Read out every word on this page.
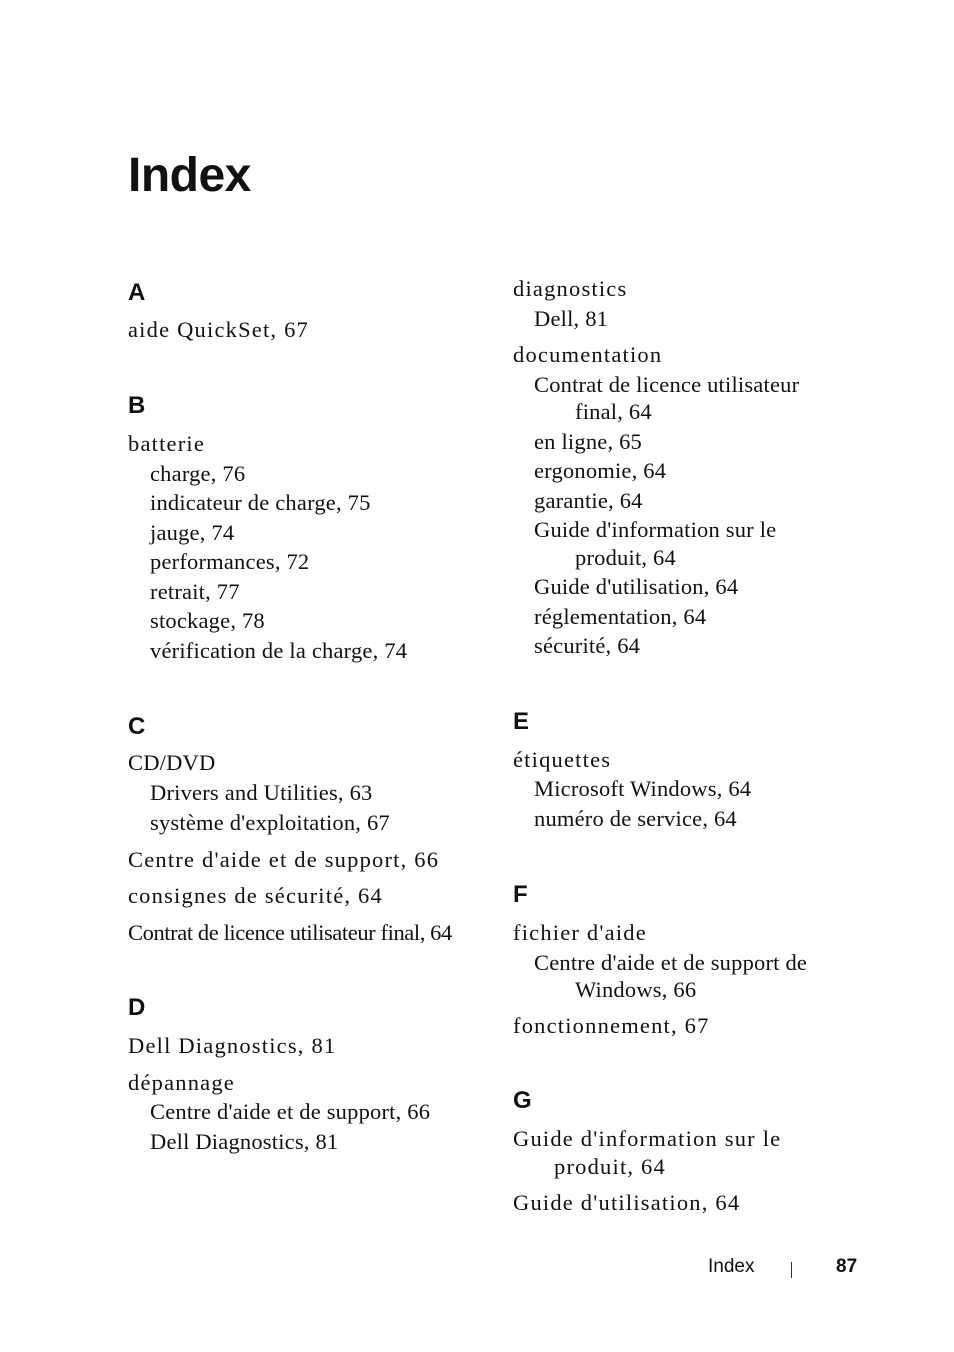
Index
A
aide QuickSet, 67
B
batterie
charge, 76
indicateur de charge, 75
jauge, 74
performances, 72
retrait, 77
stockage, 78
vérification de la charge, 74
C
CD/DVD
Drivers and Utilities, 63
système d'exploitation, 67
Centre d'aide et de support, 66
consignes de sécurité, 64
Contrat de licence utilisateur final, 64
D
Dell Diagnostics, 81
dépannage
Centre d'aide et de support, 66
Dell Diagnostics, 81
diagnostics
Dell, 81
documentation
Contrat de licence utilisateur
final, 64
en ligne, 65
ergonomie, 64
garantie, 64
Guide d'information sur le
produit, 64
Guide d'utilisation, 64
réglementation, 64
sécurité, 64
E
étiquettes
Microsoft Windows, 64
numéro de service, 64
F
fichier d'aide
Centre d'aide et de support de
Windows, 66
fonctionnement, 67
G
Guide d'information sur le
produit, 64
Guide d'utilisation, 64
Index	87
